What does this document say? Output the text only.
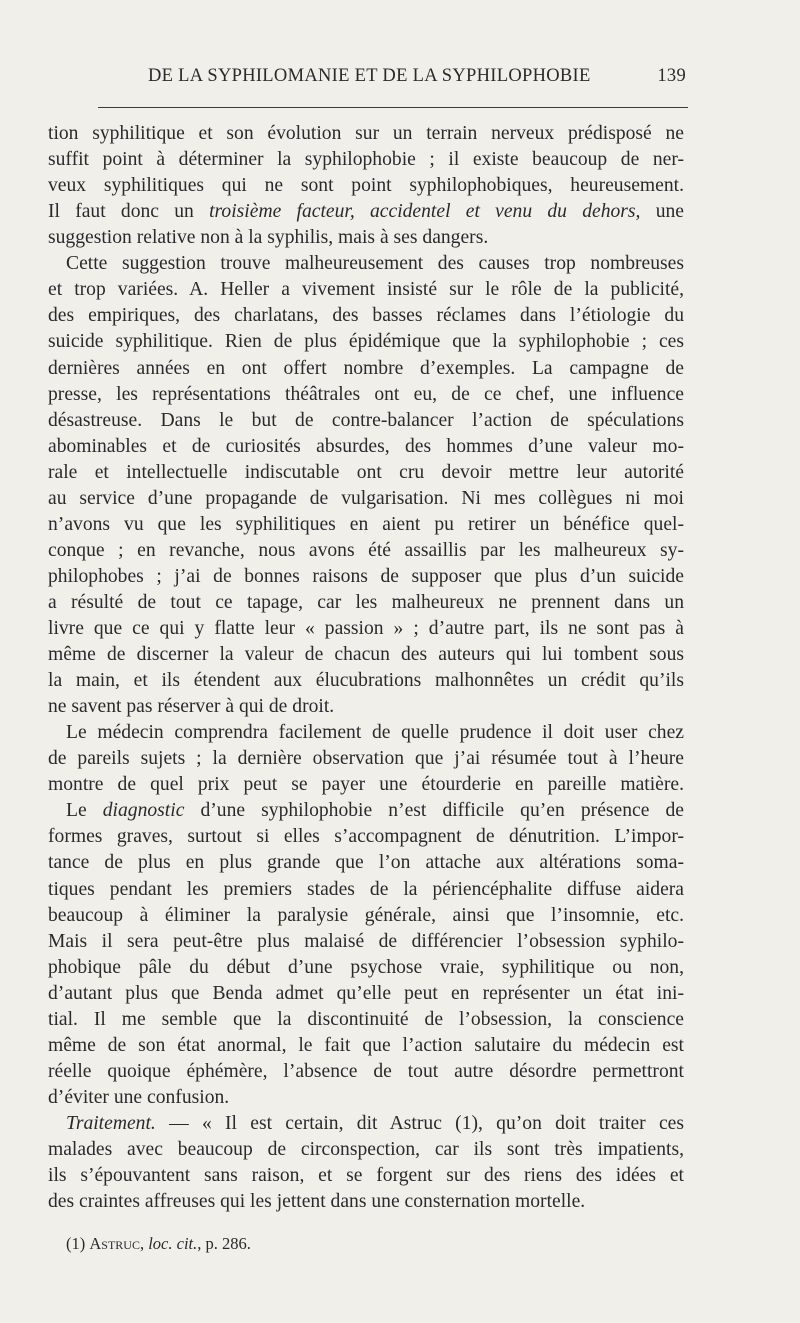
DE LA SYPHILOMANIE ET DE LA SYPHILOPHOBIE	139
tion syphilitique et son évolution sur un terrain nerveux prédisposé ne
suffit point à déterminer la syphilophobie ; il existe beaucoup de ner-
veux syphilitiques qui ne sont point syphilophobiques, heureusement.
Il faut donc un troisième facteur, accidentel et venu du dehors, une
suggestion relative non à la syphilis, mais à ses dangers.
Cette suggestion trouve malheureusement des causes trop nombreuses
et trop variées. A. Heller a vivement insisté sur le rôle de la publicité,
des empiriques, des charlatans, des basses réclames dans l’étiologie du
suicide syphilitique. Rien de plus épidémique que la syphilophobie ; ces
dernières années en ont offert nombre d’exemples. La campagne de
presse, les représentations théâtrales ont eu, de ce chef, une influence
désastreuse. Dans le but de contre-balancer l’action de spéculations
abominables et de curiosités absurdes, des hommes d’une valeur mo-
rale et intellectuelle indiscutable ont cru devoir mettre leur autorité
au service d’une propagande de vulgarisation. Ni mes collègues ni moi
n’avons vu que les syphilitiques en aient pu retirer un bénéfice quel-
conque ; en revanche, nous avons été assaillis par les malheureux sy-
philophobes ; j’ai de bonnes raisons de supposer que plus d’un suicide
a résulté de tout ce tapage, car les malheureux ne prennent dans un
livre que ce qui y flatte leur « passion » ; d’autre part, ils ne sont pas à
même de discerner la valeur de chacun des auteurs qui lui tombent sous
la main, et ils étendent aux élucubrations malhonnêtes un crédit qu’ils
ne savent pas réserver à qui de droit.
Le médecin comprendra facilement de quelle prudence il doit user chez
de pareils sujets ; la dernière observation que j’ai résumée tout à l’heure
montre de quel prix peut se payer une étourderie en pareille matière.
Le diagnostic d’une syphilophobie n’est difficile qu’en présence de
formes graves, surtout si elles s’accompagnent de dénutrition. L’impor-
tance de plus en plus grande que l’on attache aux altérations soma-
tiques pendant les premiers stades de la périencéphalite diffuse aidera
beaucoup à éliminer la paralysie générale, ainsi que l’insomnie, etc.
Mais il sera peut-être plus malaisé de différencier l’obsession syphilo-
phobique pâle du début d’une psychose vraie, syphilitique ou non,
d’autant plus que Benda admet qu’elle peut en représenter un état ini-
tial. Il me semble que la discontinuité de l’obsession, la conscience
même de son état anormal, le fait que l’action salutaire du médecin est
réelle quoique éphémère, l’absence de tout autre désordre permettront
d’éviter une confusion.
Traitement. — « Il est certain, dit Astruc (1), qu’on doit traiter ces
malades avec beaucoup de circonspection, car ils sont très impatients,
ils s’épouvantent sans raison, et se forgent sur des riens des idées et
des craintes affreuses qui les jettent dans une consternation mortelle.
(1) Astruc, loc. cit., p. 286.
